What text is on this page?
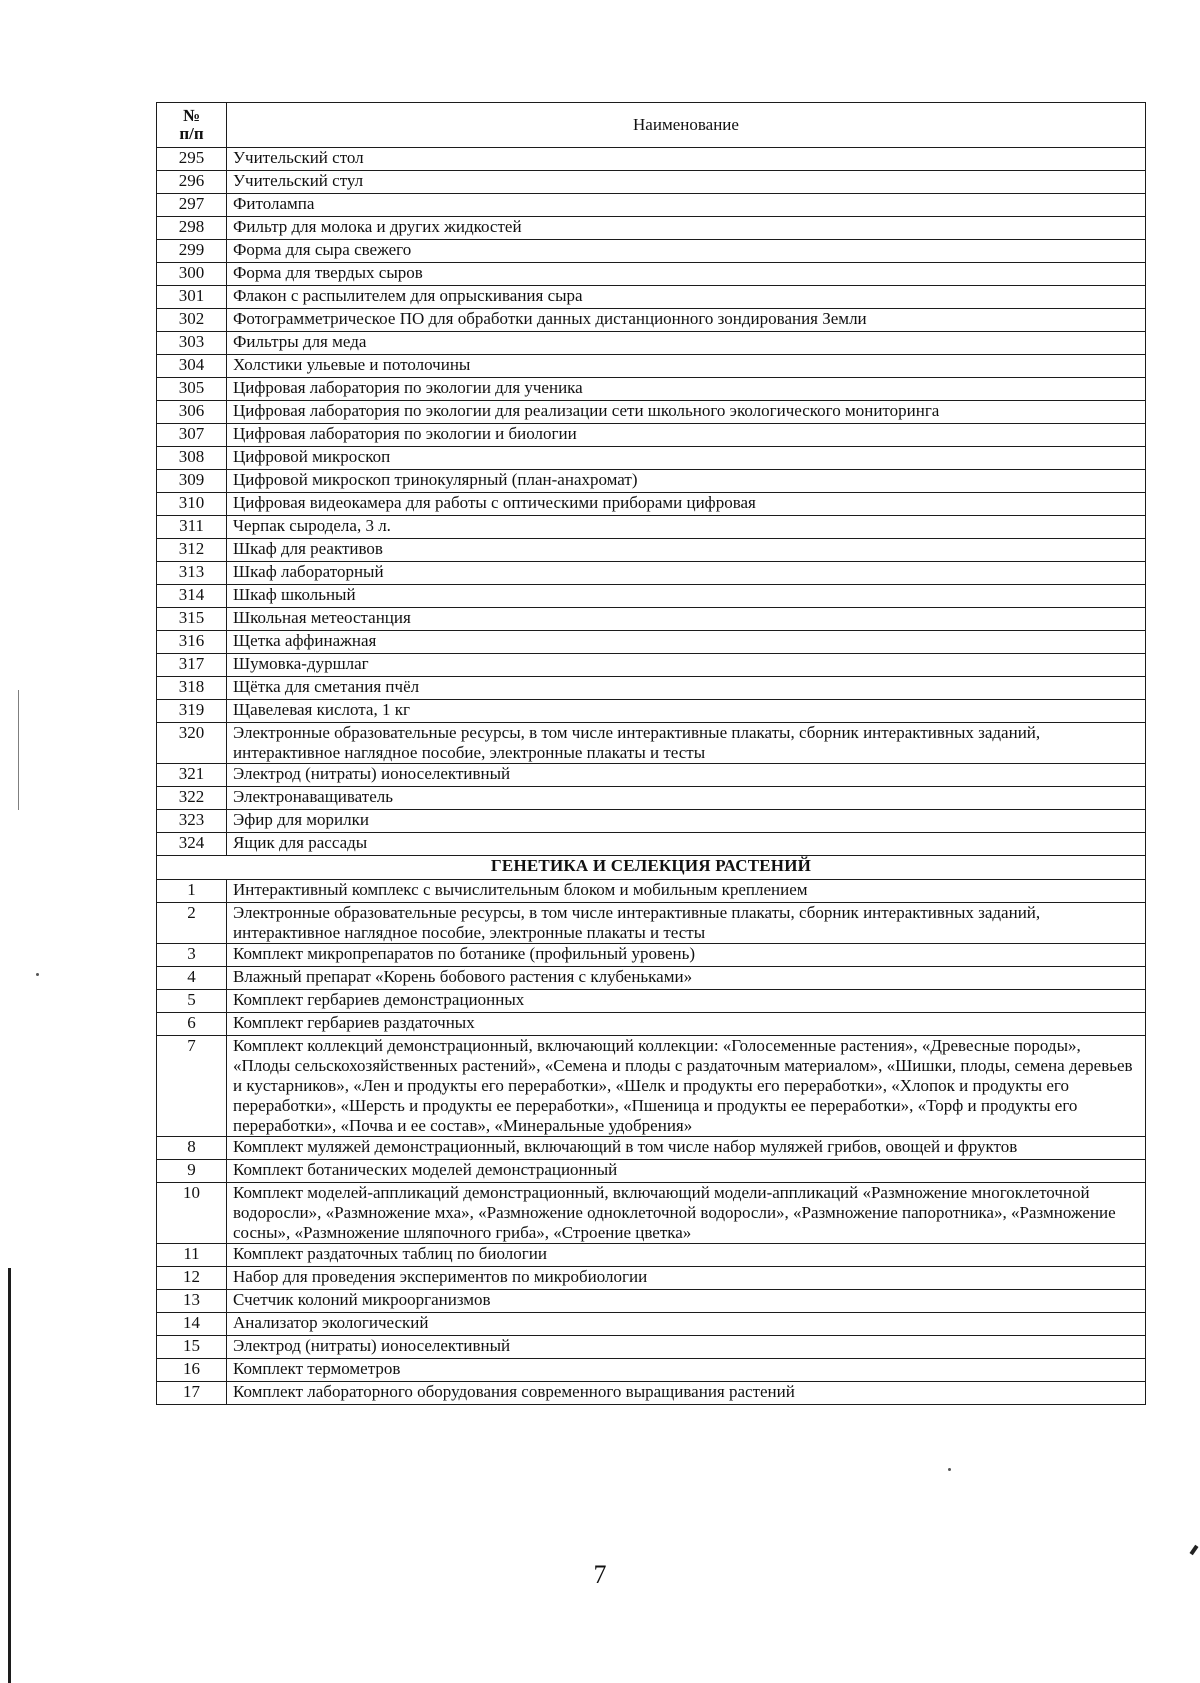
№
п/п	Наименование
295	Учительский стол
296	Учительский стул
297	Фитолампа
298	Фильтр для молока и других жидкостей
299	Форма для сыра свежего
300	Форма для твердых сыров
301	Флакон с распылителем для опрыскивания сыра
302	Фотограмметрическое ПО для обработки данных дистанционного зондирования Земли
303	Фильтры для меда
304	Холстики ульевые и потолочины
305	Цифровая лаборатория по экологии для ученика
306	Цифровая лаборатория по экологии для реализации сети школьного экологического мониторинга
307	Цифровая лаборатория по экологии и биологии
308	Цифровой микроскоп
309	Цифровой микроскоп тринокулярный (план-анахромат)
310	Цифровая видеокамера для работы с оптическими приборами цифровая
311	Черпак сыродела, 3 л.
312	Шкаф для реактивов
313	Шкаф лабораторный
314	Шкаф школьный
315	Школьная метеостанция
316	Щетка аффинажная
317	Шумовка-дуршлаг
318	Щётка для сметания пчёл
319	Щавелевая кислота, 1 кг
320	Электронные образовательные ресурсы, в том числе интерактивные плакаты, сборник интерактивных заданий, интерактивное наглядное пособие, электронные плакаты и тесты
321	Электрод (нитраты) ионоселективный
322	Электронаващиватель
323	Эфир для морилки
324	Ящик для рассады
ГЕНЕТИКА И СЕЛЕКЦИЯ РАСТЕНИЙ	
1	Интерактивный комплекс с вычислительным блоком и мобильным креплением
2	Электронные образовательные ресурсы, в том числе интерактивные плакаты, сборник интерактивных заданий, интерактивное наглядное пособие, электронные плакаты и тесты
3	Комплект микропрепаратов по ботанике (профильный уровень)
4	Влажный препарат «Корень бобового растения с клубеньками»
5	Комплект гербариев демонстрационных
6	Комплект гербариев раздаточных
7	Комплект коллекций демонстрационный, включающий коллекции: «Голосеменные растения», «Древесные породы», «Плоды сельскохозяйственных растений», «Семена и плоды с раздаточным материалом», «Шишки, плоды, семена деревьев и кустарников», «Лен и продукты его переработки», «Шелк и продукты его переработки», «Хлопок и продукты его переработки», «Шерсть и продукты ее переработки», «Пшеница и продукты ее переработки», «Торф и продукты его переработки», «Почва и ее состав», «Минеральные удобрения»
8	Комплект муляжей демонстрационный, включающий в том числе набор муляжей грибов, овощей и фруктов
9	Комплект ботанических моделей демонстрационный
10	Комплект моделей-аппликаций демонстрационный, включающий модели-аппликаций «Размножение многоклеточной водоросли», «Размножение мха», «Размножение одноклеточной водоросли», «Размножение папоротника», «Размножение сосны», «Размножение шляпочного гриба», «Строение цветка»
11	Комплект раздаточных таблиц по биологии
12	Набор для проведения экспериментов по микробиологии
13	Счетчик колоний микроорганизмов
14	Анализатор экологический
15	Электрод (нитраты) ионоселективный
16	Комплект термометров
17	Комплект лабораторного оборудования современного выращивания растений
7
